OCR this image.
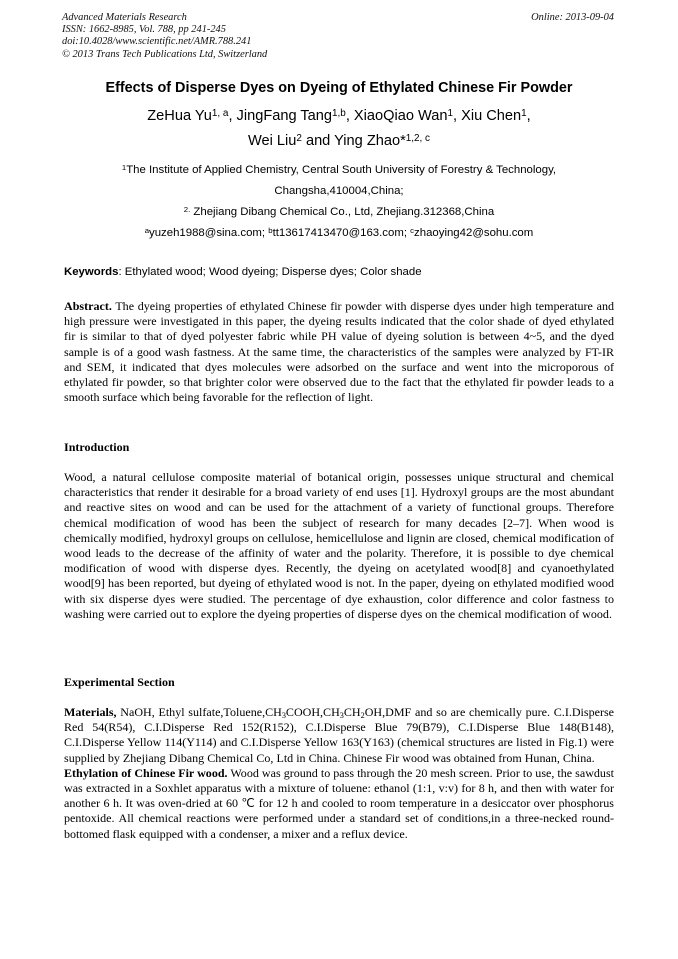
Advanced Materials Research
ISSN: 1662-8985, Vol. 788, pp 241-245
doi:10.4028/www.scientific.net/AMR.788.241
© 2013 Trans Tech Publications Ltd, Switzerland
Online: 2013-09-04
Effects of Disperse Dyes on Dyeing of Ethylated Chinese Fir Powder
ZeHua Yu$^{1, a}$, JingFang Tang$^{1,b}$, XiaoQiao Wan$^1$, Xiu Chen$^1$,
Wei Liu$^2$ and Ying Zhao*$^{1,2, c}$
$^1$The Institute of Applied Chemistry, Central South University of Forestry & Technology,
Changsha,410004,China;
$^{2.}$ Zhejiang Dibang Chemical Co., Ltd, Zhejiang.312368,China
$^a$yuzeh1988@sina.com; $^b$tt13617413470@163.com; $^c$zhaoying42@sohu.com
Keywords: Ethylated wood; Wood dyeing; Disperse dyes; Color shade

Abstract. The dyeing properties of ethylated Chinese fir powder with disperse dyes under high temperature and high pressure were investigated in this paper, the dyeing results indicated that the color shade of dyed ethylated fir is similar to that of dyed polyester fabric while PH value of dyeing solution is between 4~5, and the dyed sample is of a good wash fastness. At the same time, the characteristics of the samples were analyzed by FT-IR and SEM, it indicated that dyes molecules were adsorbed on the surface and went into the microporous of ethylated fir powder, so that brighter color were observed due to the fact that the ethylated fir powder leads to a smooth surface which being favorable for the reflection of light.

Introduction

Wood, a natural cellulose composite material of botanical origin, possesses unique structural and chemical characteristics that render it desirable for a broad variety of end uses [1]. Hydroxyl groups are the most abundant and reactive sites on wood and can be used for the attachment of a variety of functional groups. Therefore chemical modification of wood has been the subject of research for many decades [2–7]. When wood is chemically modified, hydroxyl groups on cellulose, hemicellulose and lignin are closed, chemical modification of wood leads to the decrease of the affinity of water and the polarity. Therefore, it is possible to dye chemical modification of wood with disperse dyes. Recently, the dyeing on acetylated wood[8] and cyanoethylated wood[9] has been reported, but dyeing of ethylated wood is not. In the paper, dyeing on ethylated modified wood with six disperse dyes were studied. The percentage of dye exhaustion, color difference and color fastness to washing were carried out to explore the dyeing properties of disperse dyes on the chemical modification of wood.

Experimental Section

Materials, NaOH, Ethyl $sulfate,Toluene,CH_3COOH,CH_3CH_2OH,DMF$ and so are chemically pure. C.I.Disperse Red 54(R54), C.I.Disperse Red 152(R152), C.I.Disperse Blue 79(B79), C.I.Disperse Blue 148(B148), C.I.Disperse Yellow 114(Y114) and C.I.Disperse Yellow 163(Y163) (chemical structures are listed in Fig.1) were supplied by Zhejiang Dibang Chemical Co, Ltd in China. Chinese Fir wood was obtained from Hunan, China.

Ethylation of Chinese Fir wood. Wood was ground to pass through the 20 mesh screen. Prior to use, the sawdust was extracted in a Soxhlet apparatus with a mixture of toluene: ethanol (1:1, v:v) for 8 h, and then with water for another 6 h. It was oven-dried at 60 ℃ for 12 h and cooled to room temperature in a desiccator over phosphorus pentoxide. All chemical reactions were performed under a standard set of conditions,in a three-necked round-bottomed flask equipped with a condenser, a mixer and a reflux device.
